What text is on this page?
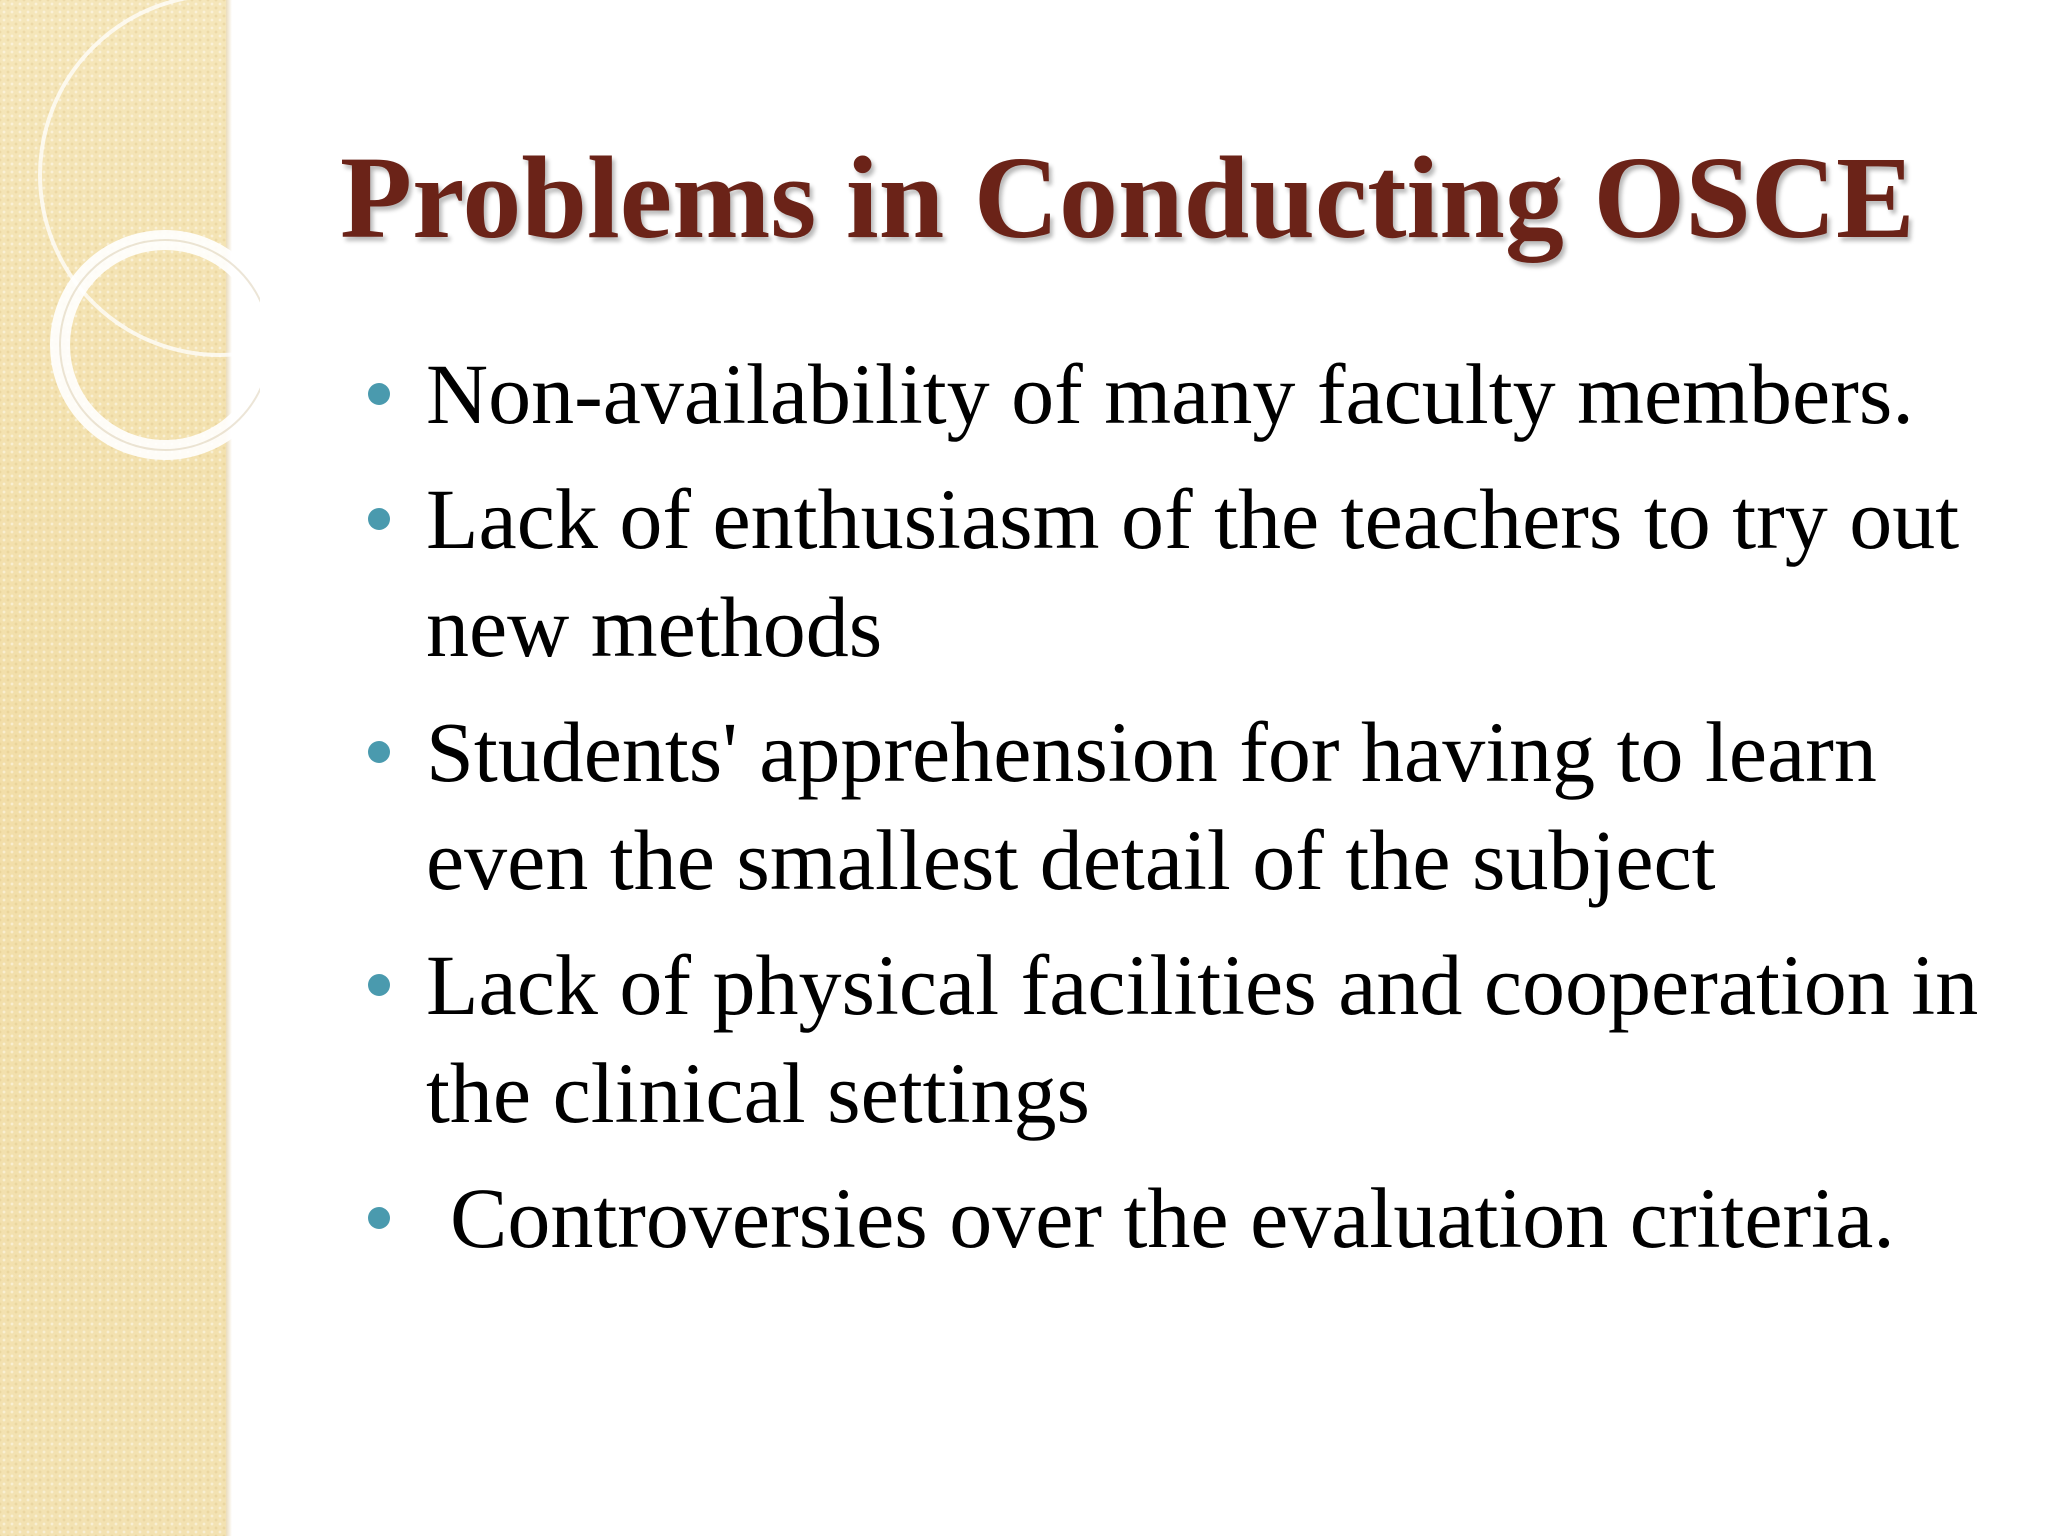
Problems in Conducting OSCE
Non-availability of many faculty members.
Lack of enthusiasm of the teachers to try out new methods
Students' apprehension for having to learn even the smallest detail of the subject
Lack of physical facilities and cooperation in the clinical settings
Controversies over the evaluation criteria.
